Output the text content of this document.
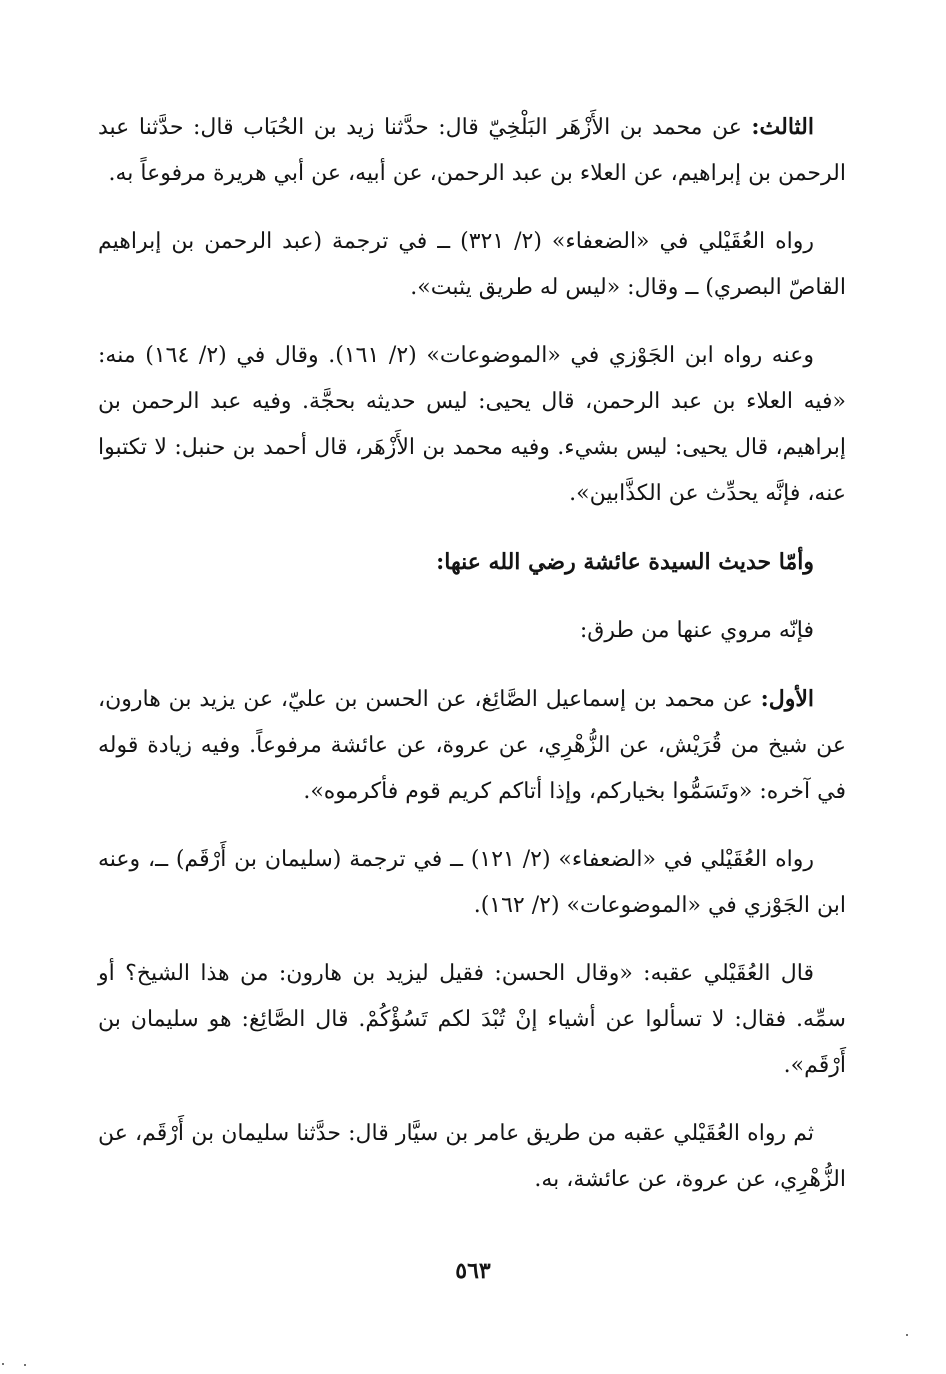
الثالث: عن محمد بن الأَزْهَر البَلْخِيّ قال: حدَّثنا زيد بن الحُبَاب قال: حدَّثنا عبد الرحمن بن إبراهيم، عن العلاء بن عبد الرحمن، عن أبيه، عن أبي هريرة مرفوعاً به.

رواه العُقَيْلي في «الضعفاء» (٢/ ٣٢١) ــ في ترجمة (عبد الرحمن بن إبراهيم القاصّ البصري) ــ وقال: «ليس له طريق يثبت».

وعنه رواه ابن الجَوْزي في «الموضوعات» (٢/ ١٦١). وقال في (٢/ ١٦٤) منه: «فيه العلاء بن عبد الرحمن، قال يحيى: ليس حديثه بحجَّة. وفيه عبد الرحمن بن إبراهيم، قال يحيى: ليس بشيء. وفيه محمد بن الأَزْهَر، قال أحمد بن حنبل: لا تكتبوا عنه، فإنَّه يحدِّث عن الكذَّابين».

وأمّا حديث السيدة عائشة رضي الله عنها:

فإنّه مروي عنها من طرق:

الأول: عن محمد بن إسماعيل الصَّائِغ، عن الحسن بن عليّ، عن يزيد بن هارون، عن شيخ من قُرَيْش، عن الزُّهْرِي، عن عروة، عن عائشة مرفوعاً. وفيه زيادة قوله في آخره: «وتَسَمُّوا بخياركم، وإذا أتاكم كريم قوم فأكرموه».

رواه العُقَيْلي في «الضعفاء» (٢/ ١٢١) ــ في ترجمة (سليمان بن أَرْقَم) ــ، وعنه ابن الجَوْزي في «الموضوعات» (٢/ ١٦٢).

قال العُقَيْلي عقبه: «وقال الحسن: فقيل ليزيد بن هارون: من هذا الشيخ؟ أو سمِّه. فقال: لا تسألوا عن أشياء إنْ تُبْدَ لكم تَسُؤْكُمْ. قال الصَّائِغ: هو سليمان بن أَرْقَم».

ثم رواه العُقَيْلي عقبه من طريق عامر بن سيَّار قال: حدَّثنا سليمان بن أَرْقَم، عن الزُّهْرِي، عن عروة، عن عائشة، به.

٥٦٣
